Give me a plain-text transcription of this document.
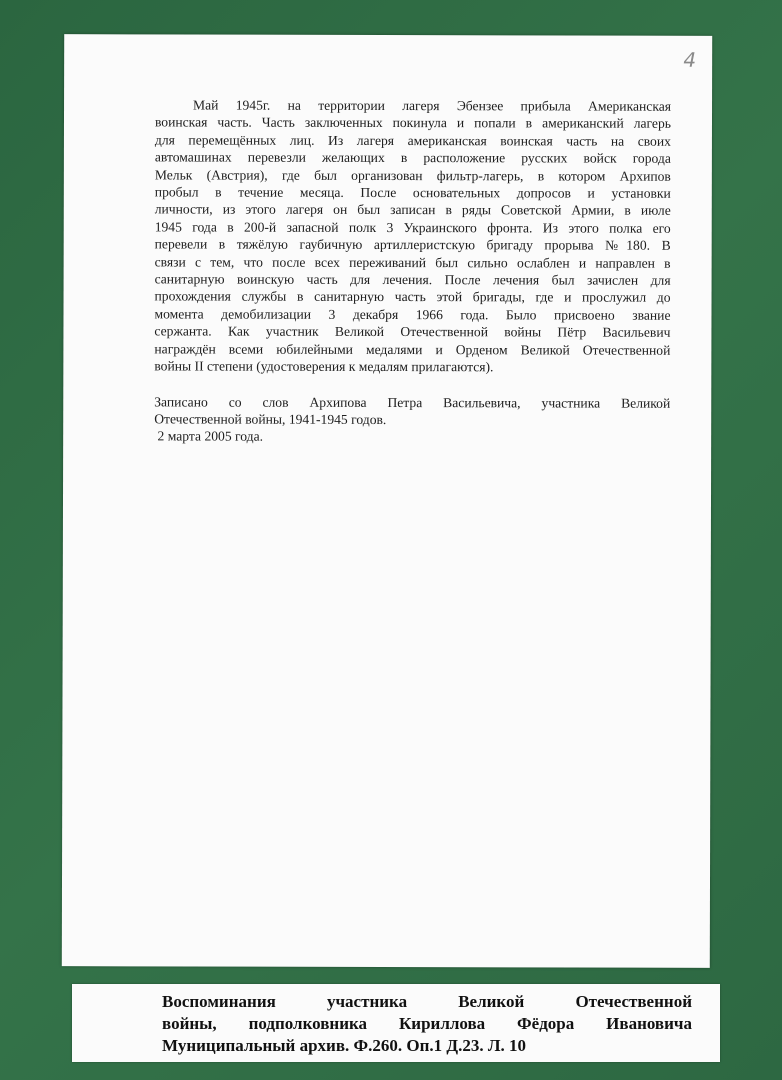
4
Май 1945г. на территории лагеря Эбензее прибыла Американская
воинская часть. Часть заключенных покинула и попали в американский лагерь
для перемещённых лиц. Из лагеря американская воинская часть на своих
автомашинах перевезли желающих в расположение русских войск города
Мельк (Австрия), где был организован фильтр-лагерь, в котором Архипов
пробыл в течение месяца. После основательных допросов и установки
личности, из этого лагеря он был записан в ряды Советской Армии, в июле
1945 года в 200-й запасной полк 3 Украинского фронта. Из этого полка его
перевели в тяжёлую гаубичную артиллеристскую бригаду прорыва №180. В
связи с тем, что после всех переживаний был сильно ослаблен и направлен в
санитарную воинскую часть для лечения. После лечения был зачислен для
прохождения службы в санитарную часть этой бригады, где и прослужил до
момента демобилизации 3 декабря 1966 года. Было присвоено звание
сержанта. Как участник Великой Отечественной войны Пётр Васильевич
награждён всеми юбилейными медалями и Орденом Великой Отечественной
войны II степени (удостоверения к медалям прилагаются).
Записано со слов Архипова Петра Васильевича, участника Великой
Отечественной войны, 1941-1945 годов.
2 марта 2005 года.
Воспоминания участника Великой Отечественной
войны, подполковника Кириллова Фёдора Ивановича
Муниципальный архив. Ф.260. Оп.1 Д.23. Л. 10
